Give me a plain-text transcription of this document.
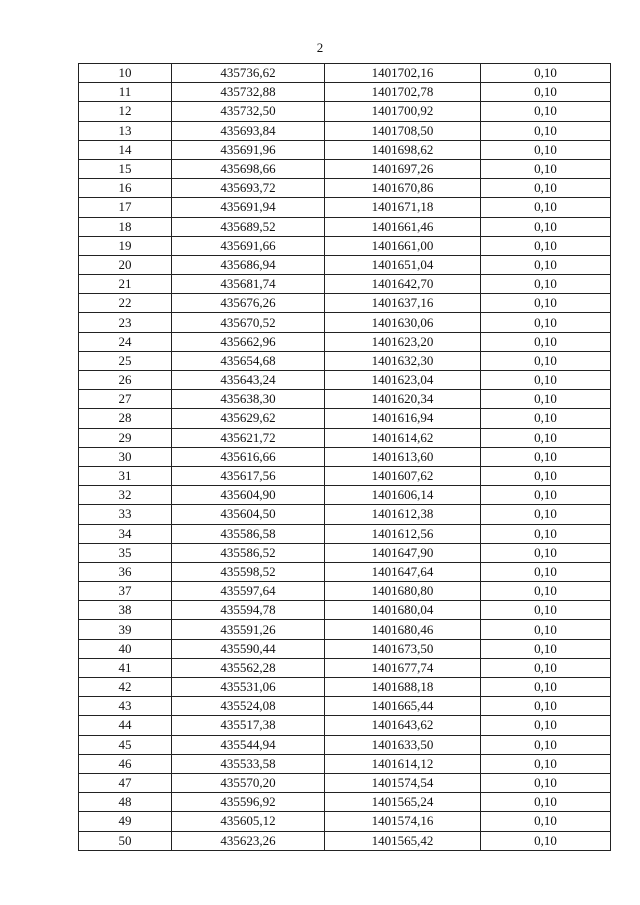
2
10	435736,62	1401702,16	0,10
11	435732,88	1401702,78	0,10
12	435732,50	1401700,92	0,10
13	435693,84	1401708,50	0,10
14	435691,96	1401698,62	0,10
15	435698,66	1401697,26	0,10
16	435693,72	1401670,86	0,10
17	435691,94	1401671,18	0,10
18	435689,52	1401661,46	0,10
19	435691,66	1401661,00	0,10
20	435686,94	1401651,04	0,10
21	435681,74	1401642,70	0,10
22	435676,26	1401637,16	0,10
23	435670,52	1401630,06	0,10
24	435662,96	1401623,20	0,10
25	435654,68	1401632,30	0,10
26	435643,24	1401623,04	0,10
27	435638,30	1401620,34	0,10
28	435629,62	1401616,94	0,10
29	435621,72	1401614,62	0,10
30	435616,66	1401613,60	0,10
31	435617,56	1401607,62	0,10
32	435604,90	1401606,14	0,10
33	435604,50	1401612,38	0,10
34	435586,58	1401612,56	0,10
35	435586,52	1401647,90	0,10
36	435598,52	1401647,64	0,10
37	435597,64	1401680,80	0,10
38	435594,78	1401680,04	0,10
39	435591,26	1401680,46	0,10
40	435590,44	1401673,50	0,10
41	435562,28	1401677,74	0,10
42	435531,06	1401688,18	0,10
43	435524,08	1401665,44	0,10
44	435517,38	1401643,62	0,10
45	435544,94	1401633,50	0,10
46	435533,58	1401614,12	0,10
47	435570,20	1401574,54	0,10
48	435596,92	1401565,24	0,10
49	435605,12	1401574,16	0,10
50	435623,26	1401565,42	0,10
